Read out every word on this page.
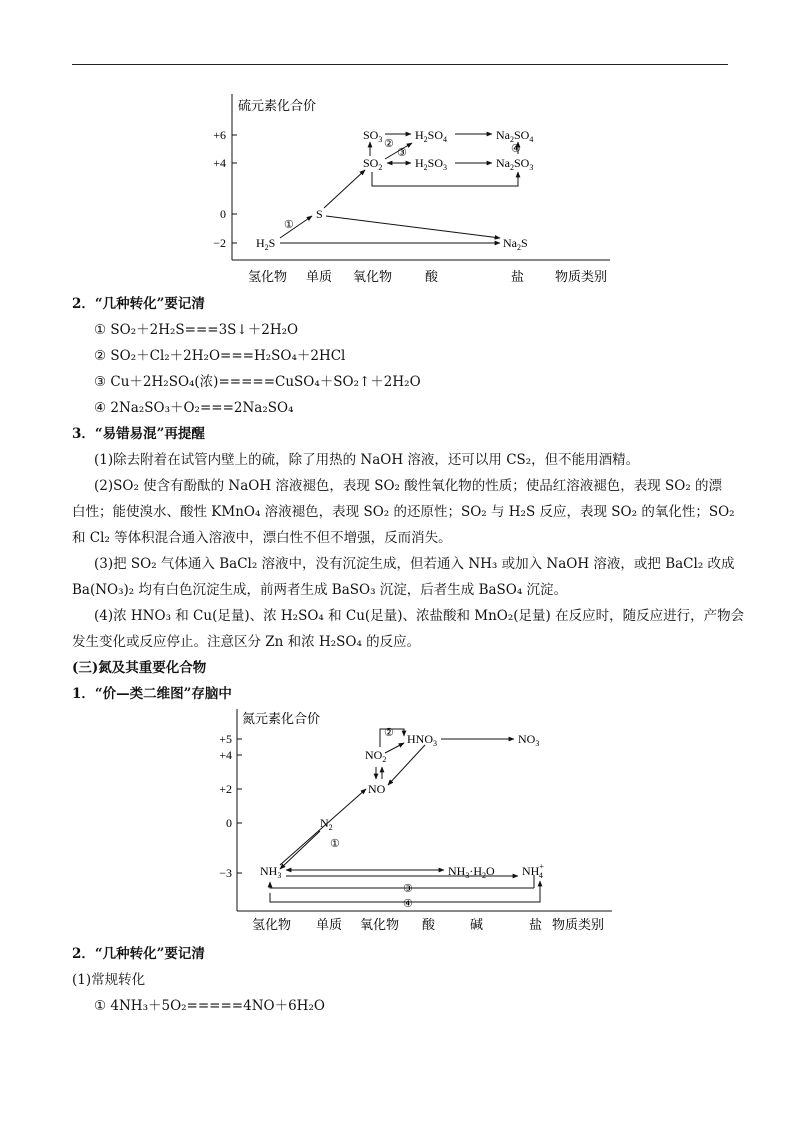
硫元素化合价
+6
+4
0
−2
氢化物 单质 氧化物	酸	盐 物质类别
$SO_3$	$H_2SO_4$	$Na_2SO_4$
$SO_2$	$H_2SO_3$	$Na_2SO_3$
S
$H_2S$	$Na_2S$
①
②
③	④
2．“几种转化”要记清
① SO₂＋2H₂S===3S↓＋2H₂O
② SO₂＋Cl₂＋2H₂O===H₂SO₄＋2HCl
③ Cu＋2H₂SO₄(浓)=====CuSO₄＋SO₂↑＋2H₂O
④ 2Na₂SO₃＋O₂===2Na₂SO₄
3．“易错易混”再提醒
(1)除去附着在试管内壁上的硫，除了用热的 NaOH 溶液，还可以用 CS₂，但不能用酒精。
(2)SO₂ 使含有酚酞的 NaOH 溶液褪色，表现 SO₂ 酸性氧化物的性质；使品红溶液褪色，表现 SO₂ 的漂
白性；能使溴水、酸性 KMnO₄ 溶液褪色，表现 SO₂ 的还原性；SO₂ 与 H₂S 反应，表现 SO₂ 的氧化性；SO₂
和 Cl₂ 等体积混合通入溶液中，漂白性不但不增强，反而消失。
(3)把 SO₂ 气体通入 BaCl₂ 溶液中，没有沉淀生成，但若通入 NH₃ 或加入 NaOH 溶液，或把 BaCl₂ 改成
Ba(NO₃)₂ 均有白色沉淀生成，前两者生成 BaSO₃ 沉淀，后者生成 BaSO₄ 沉淀。
(4)浓 HNO₃ 和 Cu(足量)、浓 H₂SO₄ 和 Cu(足量)、浓盐酸和 MnO₂(足量) 在反应时，随反应进行，产物会
发生变化或反应停止。注意区分 Zn 和浓 H₂SO₄ 的反应。
(三)氮及其重要化合物
1．“价—类二维图”存脑中
氮元素化合价
+5
+4
+2
0
−3
氢化物 单质 氧化物 酸	碱	盐 物质类别
$HNO_3$	$NO_3$
$NO_2$
NO
$N_2$
$NH_3$	$NH_3\cdot H_2O$ NH+ 4
①
②
③
④
2．“几种转化”要记清
(1)常规转化
① 4NH₃＋5O₂=====4NO＋6H₂O
